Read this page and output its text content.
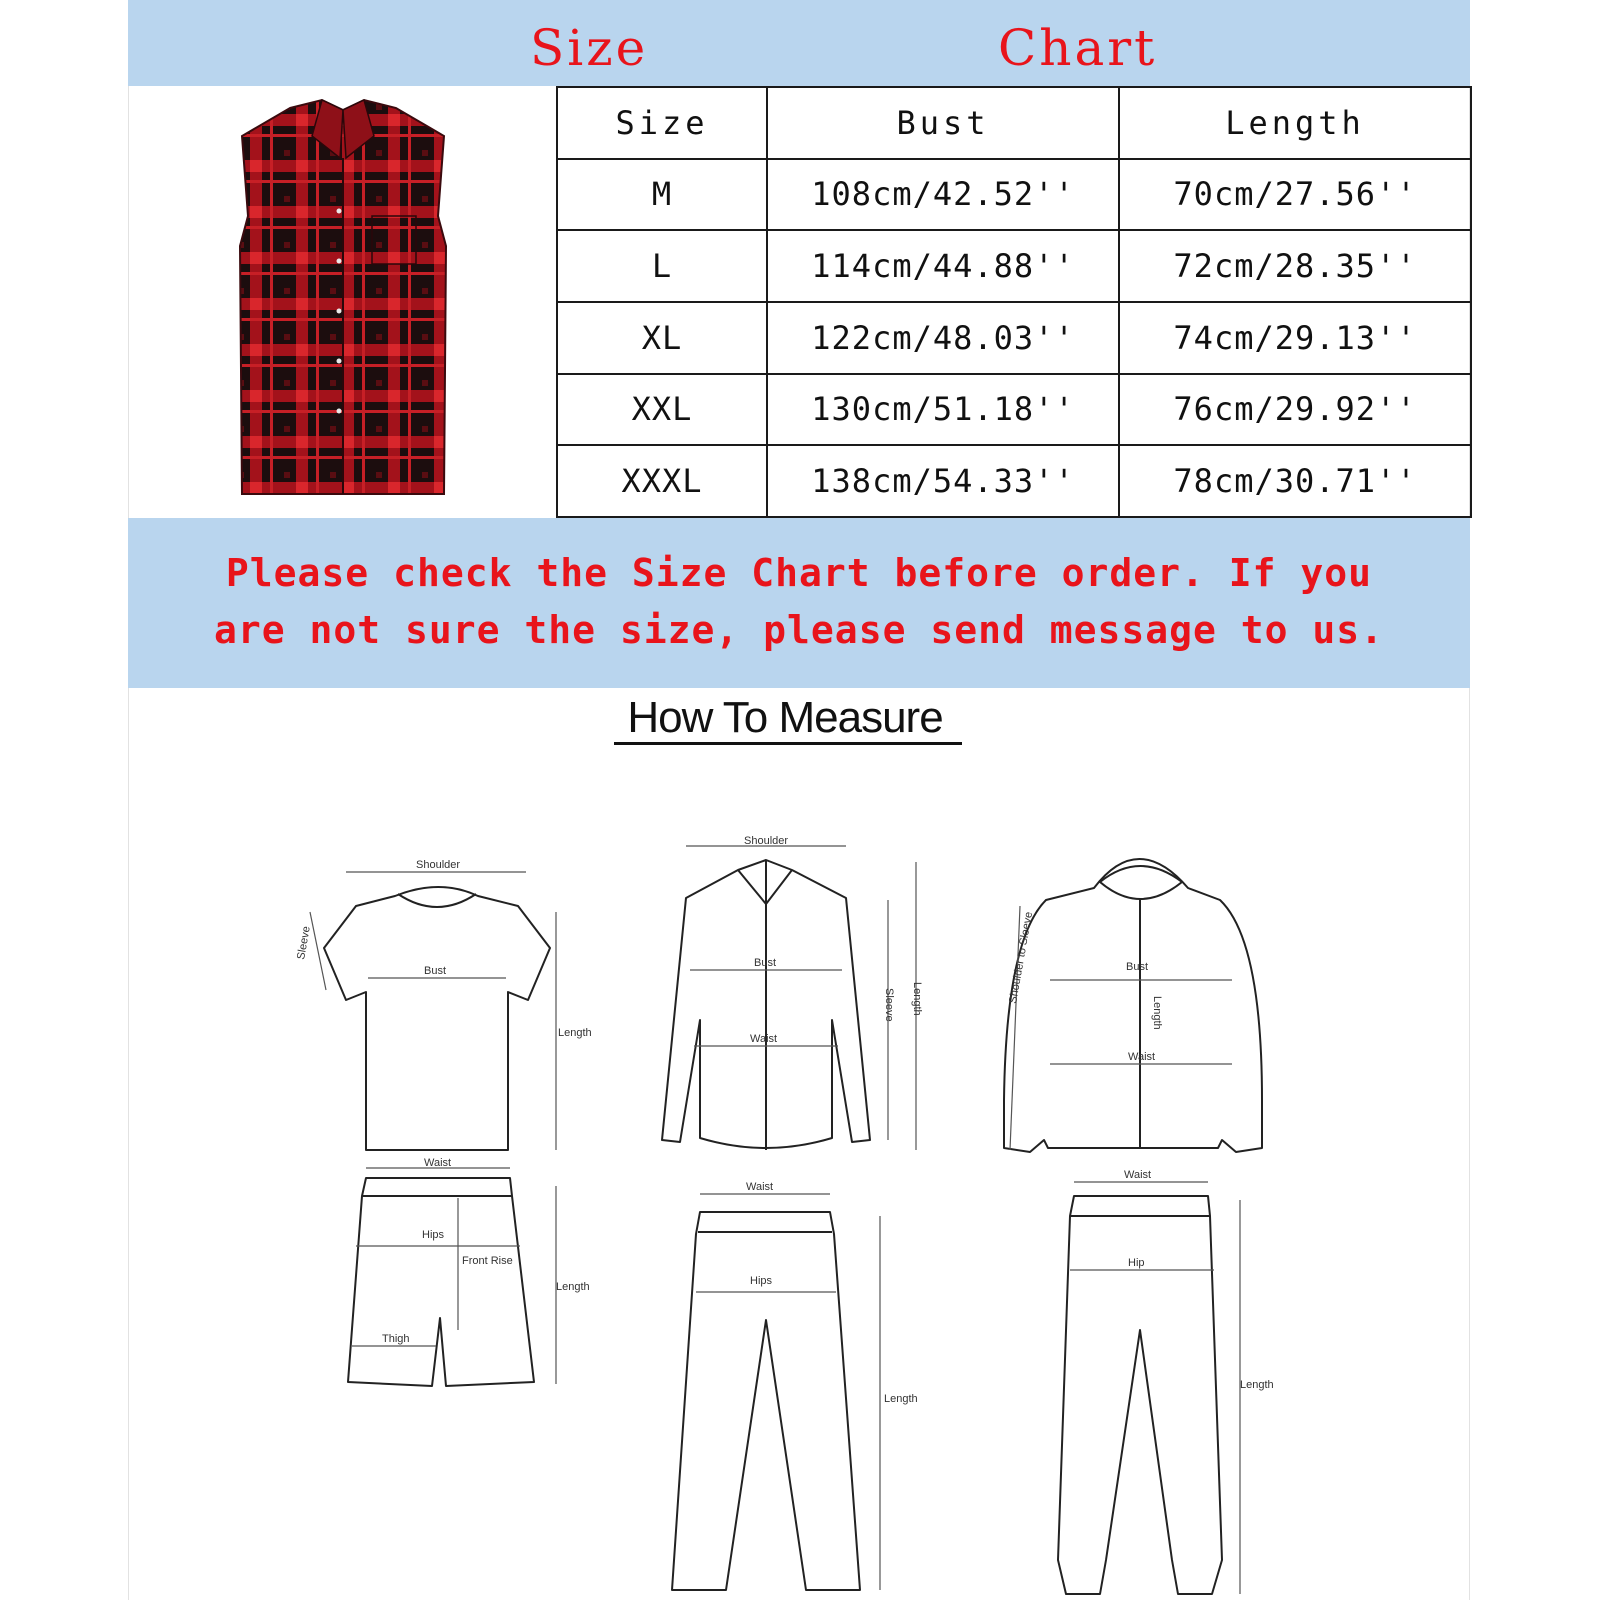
Size	Chart
Size	Bust	Length
M	108cm/42.52''	70cm/27.56''
L	114cm/44.88''	72cm/28.35''
XL	122cm/48.03''	74cm/29.13''
XXL	130cm/51.18''	76cm/29.92''
XXXL	138cm/54.33''	78cm/30.71''
Please check the Size Chart before order. If you
are not sure the size, please send message to us.
How To Measure
Shoulder
Sleeve
Bust
Length
Waist
Hips
Front Rise
Thigh
Length
Shoulder
Bust
Waist
Sleeve Length
Waist
Hips
Length
Shoulder to Sleeve	Bust
Waist
Length
Waist
Hip
Length
